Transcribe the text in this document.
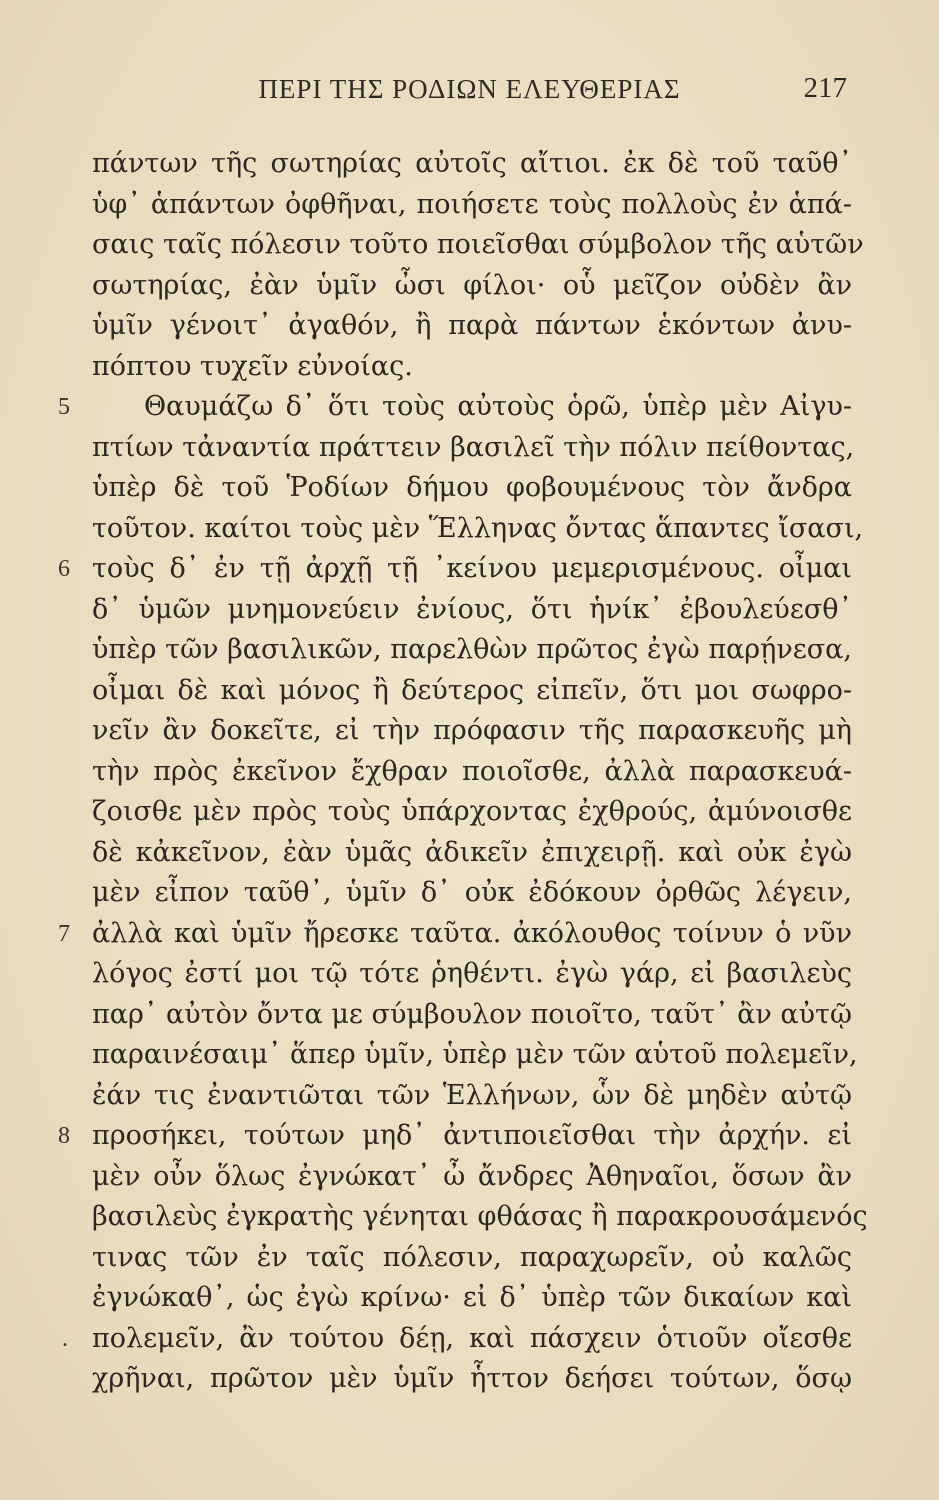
ΠΕΡΙ ΤΗΣ ΡΟΔΙΩΝ ΕΛΕΥΘΕΡΙΑΣ	217
πάντων τῆς σωτηρίας αὐτοῖς αἴτιοι. ἐκ δὲ τοῦ ταῦθ᾽
ὑφ᾽ ἁπάντων ὀφθῆναι, ποιήσετε τοὺς πολλοὺς ἐν ἁπά-
σαις ταῖς πόλεσιν τοῦτο ποιεῖσθαι σύμβολον τῆς αὑτῶν
σωτηρίας, ἐὰν ὑμῖν ὦσι φίλοι· οὗ μεῖζον οὐδὲν ἂν
ὑμῖν γένοιτ᾽ ἀγαθόν, ἢ παρὰ πάντων ἑκόντων ἀνυ-
πόπτου τυχεῖν εὐνοίας.
Θαυμάζω δ᾽ ὅτι τοὺς αὐτοὺς ὁρῶ, ὑπὲρ μὲν Αἰγυ-
5
πτίων τἀναντία πράττειν βασιλεῖ τὴν πόλιν πείθοντας,
ὑπὲρ δὲ τοῦ Ῥοδίων δήμου φοβουμένους τὸν ἄνδρα
τοῦτον. καίτοι τοὺς μὲν Ἕλληνας ὄντας ἅπαντες ἴσασι,
τοὺς δ᾽ ἐν τῇ ἀρχῇ τῇ ᾽κείνου μεμερισμένους. οἶμαι
6
δ᾽ ὑμῶν μνημονεύειν ἐνίους, ὅτι ἡνίκ᾽ ἐβουλεύεσθ᾽
ὑπὲρ τῶν βασιλικῶν, παρελθὼν πρῶτος ἐγὼ παρῄνεσα,
οἶμαι δὲ καὶ μόνος ἢ δεύτερος εἰπεῖν, ὅτι μοι σωφρο-
νεῖν ἂν δοκεῖτε, εἰ τὴν πρόφασιν τῆς παρασκευῆς μὴ
τὴν πρὸς ἐκεῖνον ἔχθραν ποιοῖσθε, ἀλλὰ παρασκευά-
ζοισθε μὲν πρὸς τοὺς ὑπάρχοντας ἐχθρούς, ἀμύνοισθε
δὲ κἀκεῖνον, ἐὰν ὑμᾶς ἀδικεῖν ἐπιχειρῇ. καὶ οὐκ ἐγὼ
μὲν εἶπον ταῦθ᾽, ὑμῖν δ᾽ οὐκ ἐδόκουν ὀρθῶς λέγειν,
ἀλλὰ καὶ ὑμῖν ἤρεσκε ταῦτα. ἀκόλουθος τοίνυν ὁ νῦν
7
λόγος ἐστί μοι τῷ τότε ῥηθέντι. ἐγὼ γάρ, εἰ βασιλεὺς
παρ᾽ αὐτὸν ὄντα με σύμβουλον ποιοῖτο, ταῦτ᾽ ἂν αὐτῷ
παραινέσαιμ᾽ ἅπερ ὑμῖν, ὑπὲρ μὲν τῶν αὑτοῦ πολεμεῖν,
ἐάν τις ἐναντιῶται τῶν Ἑλλήνων, ὧν δὲ μηδὲν αὐτῷ
προσήκει, τούτων μηδ᾽ ἀντιποιεῖσθαι τὴν ἀρχήν. εἰ
8
μὲν οὖν ὅλως ἐγνώκατ᾽ ὦ ἄνδρες Ἀθηναῖοι, ὅσων ἂν
βασιλεὺς ἐγκρατὴς γένηται φθάσας ἢ παρακρουσάμενός
τινας τῶν ἐν ταῖς πόλεσιν, παραχωρεῖν, οὐ καλῶς
ἐγνώκαθ᾽, ὡς ἐγὼ κρίνω· εἰ δ᾽ ὑπὲρ τῶν δικαίων καὶ
πολεμεῖν, ἂν τούτου δέῃ, καὶ πάσχειν ὁτιοῦν οἴεσθε
.
χρῆναι, πρῶτον μὲν ὑμῖν ἧττον δεήσει τούτων, ὅσῳ
